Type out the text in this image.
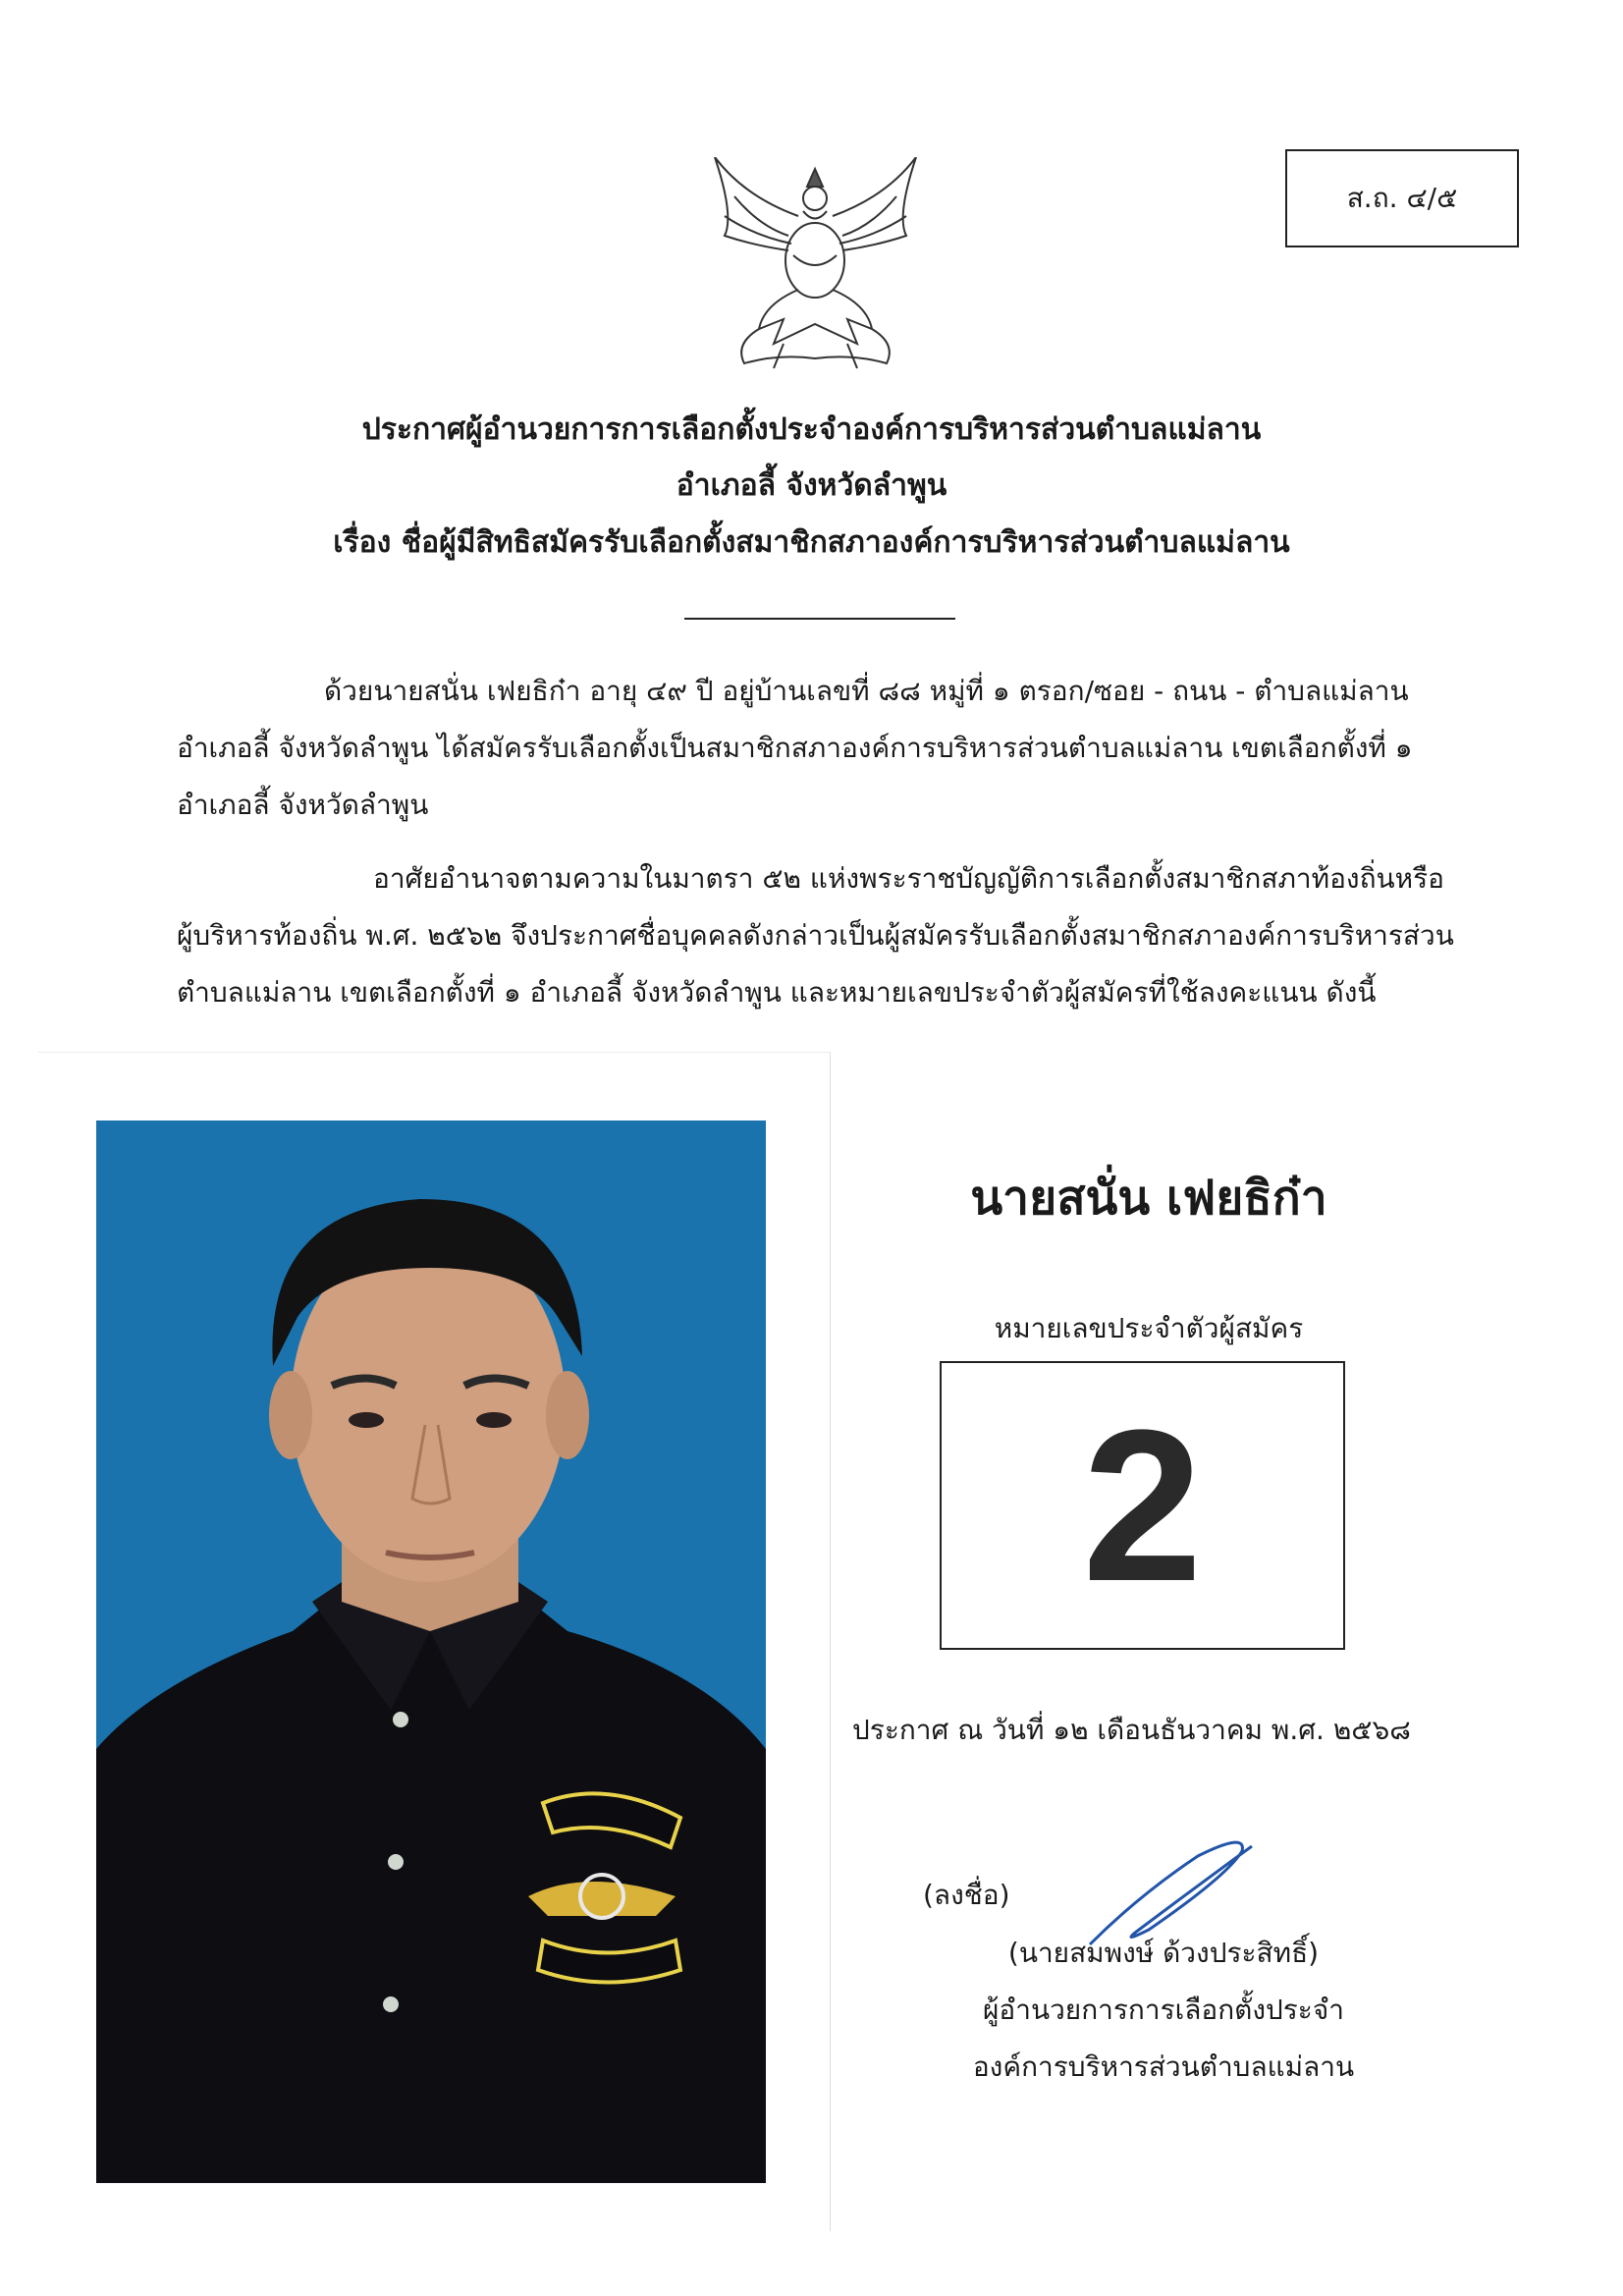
ส.ถ. ๔/๕
ประกาศผู้อำนวยการการเลือกตั้งประจำองค์การบริหารส่วนตำบลแม่ลาน
อำเภอลี้ จังหวัดลำพูน
เรื่อง ชื่อผู้มีสิทธิสมัครรับเลือกตั้งสมาชิกสภาองค์การบริหารส่วนตำบลแม่ลาน
ด้วยนายสนั่น เฟยธิก๋า อายุ ๔๙ ปี อยู่บ้านเลขที่ ๘๘ หมู่ที่ ๑ ตรอก/ซอย - ถนน - ตำบลแม่ลาน
อำเภอลี้ จังหวัดลำพูน ได้สมัครรับเลือกตั้งเป็นสมาชิกสภาองค์การบริหารส่วนตำบลแม่ลาน เขตเลือกตั้งที่ ๑
อำเภอลี้ จังหวัดลำพูน
อาศัยอำนาจตามความในมาตรา ๕๒ แห่งพระราชบัญญัติการเลือกตั้งสมาชิกสภาท้องถิ่นหรือ
ผู้บริหารท้องถิ่น พ.ศ. ๒๕๖๒ จึงประกาศชื่อบุคคลดังกล่าวเป็นผู้สมัครรับเลือกตั้งสมาชิกสภาองค์การบริหารส่วน
ตำบลแม่ลาน เขตเลือกตั้งที่ ๑ อำเภอลี้ จังหวัดลำพูน และหมายเลขประจำตัวผู้สมัครที่ใช้ลงคะแนน ดังนี้
นายสนั่น เฟยธิก๋า
หมายเลขประจำตัวผู้สมัคร
2
ประกาศ ณ วันที่ ๑๒ เดือนธันวาคม พ.ศ. ๒๕๖๘
(ลงชื่อ)
(นายสมพงษ์ ด้วงประสิทธิ์)
ผู้อำนวยการการเลือกตั้งประจำ
องค์การบริหารส่วนตำบลแม่ลาน
